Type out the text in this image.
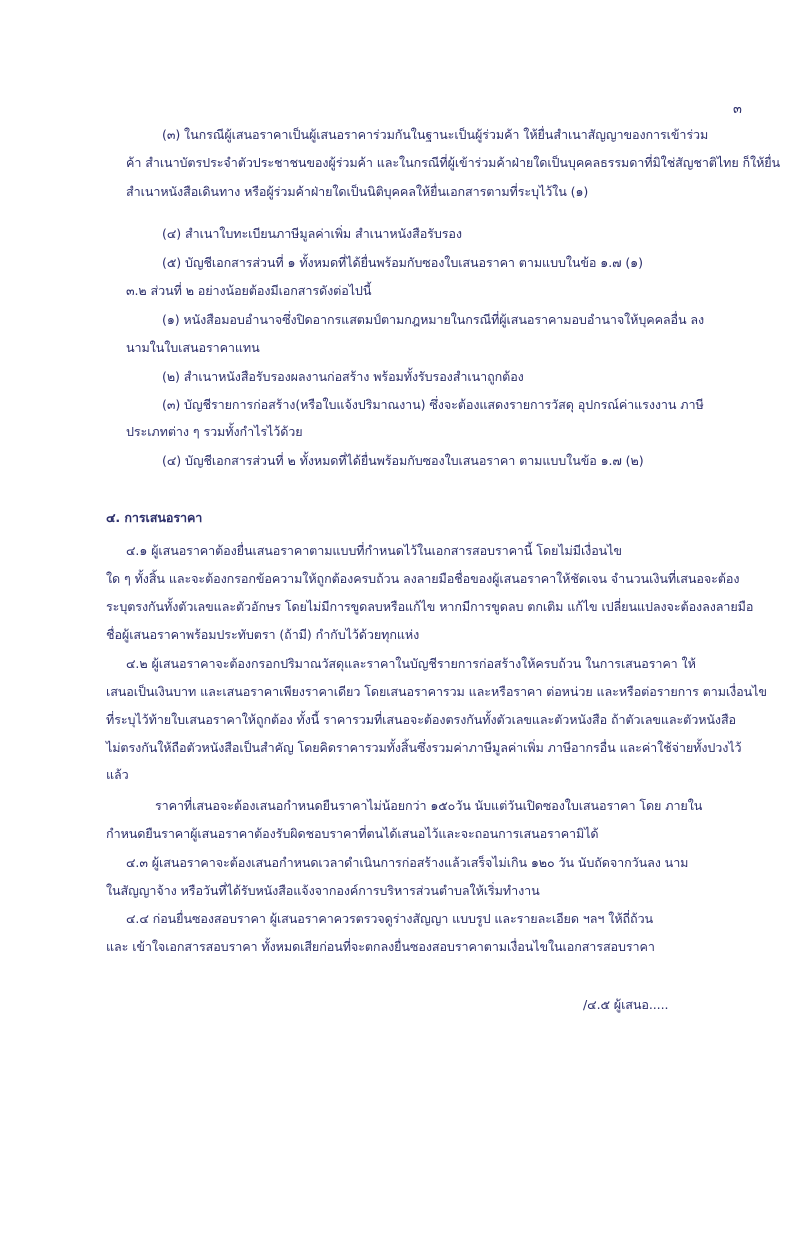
๓
(๓) ในกรณีผู้เสนอราคาเป็นผู้เสนอราคาร่วมกันในฐานะเป็นผู้ร่วมค้า ให้ยื่นสำเนาสัญญาของการเข้าร่วม
ค้า สำเนาบัตรประจำตัวประชาชนของผู้ร่วมค้า และในกรณีที่ผู้เข้าร่วมค้าฝ่ายใดเป็นบุคคลธรรมดาที่มิใช่สัญชาติไทย ก็ให้ยื่น
สำเนาหนังสือเดินทาง หรือผู้ร่วมค้าฝ่ายใดเป็นนิติบุคคลให้ยื่นเอกสารตามที่ระบุไว้ใน (๑)
(๔) สำเนาใบทะเบียนภาษีมูลค่าเพิ่ม สำเนาหนังสือรับรอง
(๕) บัญชีเอกสารส่วนที่ ๑ ทั้งหมดที่ได้ยื่นพร้อมกับซองใบเสนอราคา ตามแบบในข้อ ๑.๗ (๑)
๓.๒ ส่วนที่ ๒ อย่างน้อยต้องมีเอกสารดังต่อไปนี้
(๑) หนังสือมอบอำนาจซึ่งปิดอากรแสตมป์ตามกฎหมายในกรณีที่ผู้เสนอราคามอบอำนาจให้บุคคลอื่น ลง
นามในใบเสนอราคาแทน
(๒) สำเนาหนังสือรับรองผลงานก่อสร้าง พร้อมทั้งรับรองสำเนาถูกต้อง
(๓) บัญชีรายการก่อสร้าง(หรือใบแจ้งปริมาณงาน) ซึ่งจะต้องแสดงรายการวัสดุ อุปกรณ์ค่าแรงงาน ภาษี
ประเภทต่าง ๆ รวมทั้งกำไรไว้ด้วย
(๔) บัญชีเอกสารส่วนที่ ๒ ทั้งหมดที่ได้ยื่นพร้อมกับซองใบเสนอราคา ตามแบบในข้อ ๑.๗ (๒)
๔. การเสนอราคา
๔.๑ ผู้เสนอราคาต้องยื่นเสนอราคาตามแบบที่กำหนดไว้ในเอกสารสอบราคานี้ โดยไม่มีเงื่อนไข
ใด ๆ ทั้งสิ้น และจะต้องกรอกข้อความให้ถูกต้องครบถ้วน ลงลายมือชื่อของผู้เสนอราคาให้ชัดเจน จำนวนเงินที่เสนอจะต้อง
ระบุตรงกันทั้งตัวเลขและตัวอักษร โดยไม่มีการขูดลบหรือแก้ไข หากมีการขูดลบ ตกเติม แก้ไข เปลี่ยนแปลงจะต้องลงลายมือ
ชื่อผู้เสนอราคาพร้อมประทับตรา (ถ้ามี) กำกับไว้ด้วยทุกแห่ง
๔.๒ ผู้เสนอราคาจะต้องกรอกปริมาณวัสดุและราคาในบัญชีรายการก่อสร้างให้ครบถ้วน ในการเสนอราคา ให้
เสนอเป็นเงินบาท และเสนอราคาเพียงราคาเดียว โดยเสนอราคารวม และหรือราคา ต่อหน่วย และหรือต่อรายการ ตามเงื่อนไข
ที่ระบุไว้ท้ายใบเสนอราคาให้ถูกต้อง ทั้งนี้ ราคารวมที่เสนอจะต้องตรงกันทั้งตัวเลขและตัวหนังสือ ถ้าตัวเลขและตัวหนังสือ
ไม่ตรงกันให้ถือตัวหนังสือเป็นสำคัญ โดยคิดราคารวมทั้งสิ้นซึ่งรวมค่าภาษีมูลค่าเพิ่ม ภาษีอากรอื่น และค่าใช้จ่ายทั้งปวงไว้
แล้ว
ราคาที่เสนอจะต้องเสนอกำหนดยืนราคาไม่น้อยกว่า ๑๕๐วัน นับแต่วันเปิดซองใบเสนอราคา โดย ภายใน
กำหนดยืนราคาผู้เสนอราคาต้องรับผิดชอบราคาที่ตนได้เสนอไว้และจะถอนการเสนอราคามิได้
๔.๓ ผู้เสนอราคาจะต้องเสนอกำหนดเวลาดำเนินการก่อสร้างแล้วเสร็จไม่เกิน ๑๒๐ วัน นับถัดจากวันลง นาม
ในสัญญาจ้าง หรือวันที่ได้รับหนังสือแจ้งจากองค์การบริหารส่วนตำบลให้เริ่มทำงาน
๔.๔ ก่อนยื่นซองสอบราคา ผู้เสนอราคาควรตรวจดูร่างสัญญา แบบรูป และรายละเอียด ฯลฯ ให้ถี่ถ้วน
และ เข้าใจเอกสารสอบราคา ทั้งหมดเสียก่อนที่จะตกลงยื่นซองสอบราคาตามเงื่อนไขในเอกสารสอบราคา
/๔.๕ ผู้เสนอ.....
